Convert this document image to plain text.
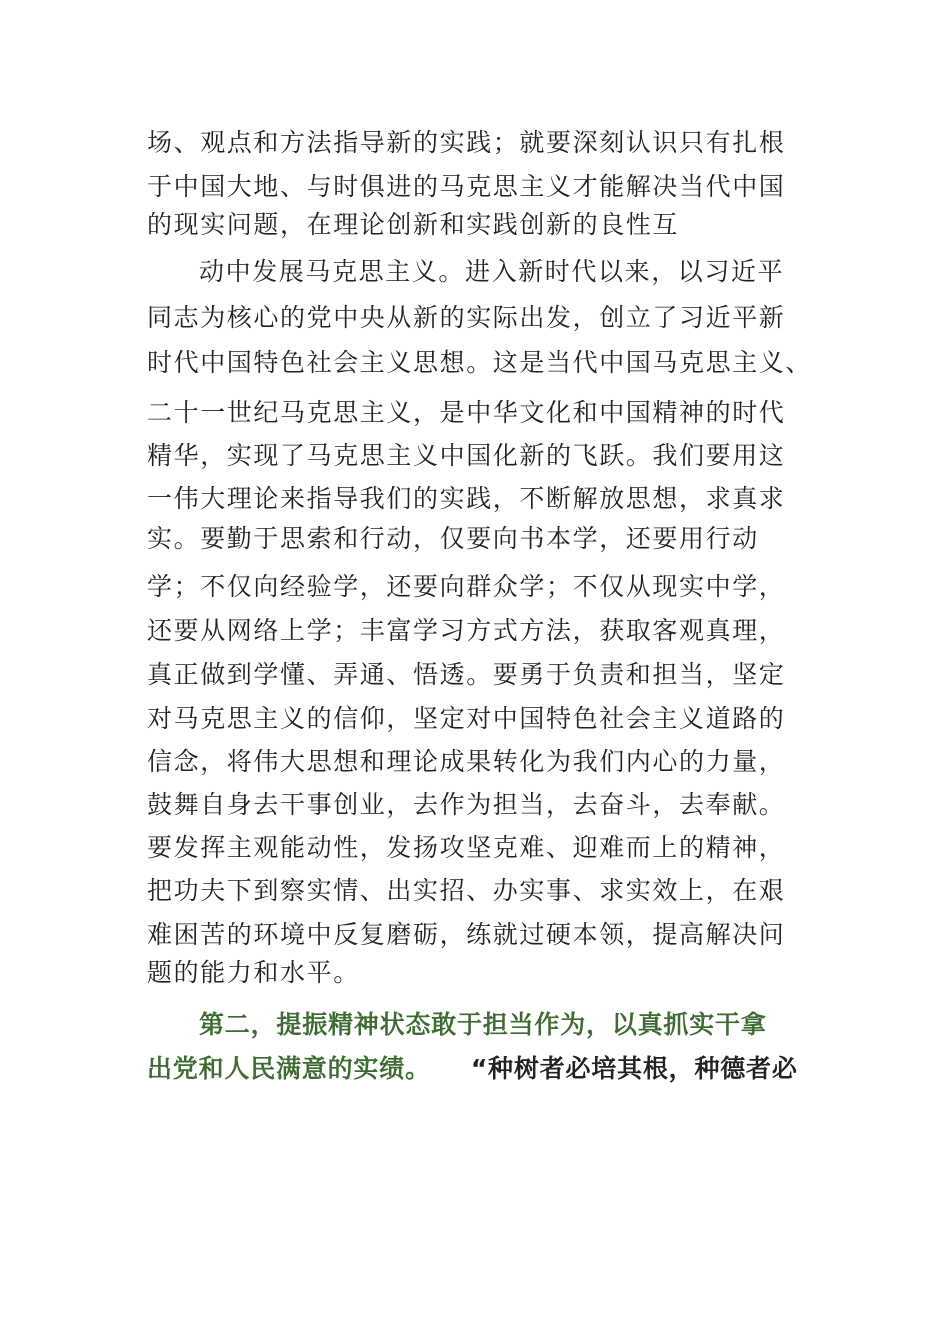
场、观点和方法指导新的实践；就要深刻认识只有扎根
于中国大地、与时俱进的马克思主义才能解决当代中国
的现实问题，在理论创新和实践创新的良性互
动中发展马克思主义。进入新时代以来，以习近平
同志为核心的党中央从新的实际出发，创立了习近平新
时代中国特色社会主义思想。这是当代中国马克思主义、
二十一世纪马克思主义，是中华文化和中国精神的时代
精华，实现了马克思主义中国化新的飞跃。我们要用这
一伟大理论来指导我们的实践，不断解放思想，求真求
实。要勤于思索和行动，仅要向书本学，还要用行动
学；不仅向经验学，还要向群众学；不仅从现实中学，
还要从网络上学；丰富学习方式方法，获取客观真理，
真正做到学懂、弄通、悟透。要勇于负责和担当，坚定
对马克思主义的信仰，坚定对中国特色社会主义道路的
信念，将伟大思想和理论成果转化为我们内心的力量，
鼓舞自身去干事创业，去作为担当，去奋斗，去奉献。
要发挥主观能动性，发扬攻坚克难、迎难而上的精神，
把功夫下到察实情、出实招、办实事、求实效上，在艰
难困苦的环境中反复磨砺，练就过硬本领，提高解决问
题的能力和水平。
第二，提振精神状态敢于担当作为，以真抓实干拿
出党和人民满意的实绩。 “种树者必培其根，种德者必
